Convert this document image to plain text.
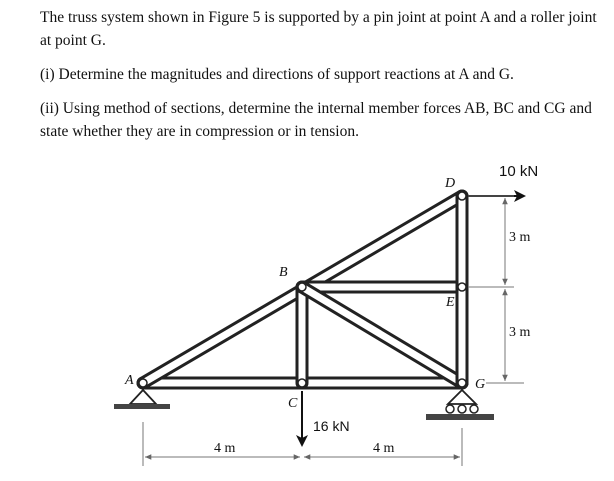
The truss system shown in Figure 5 is supported by a pin joint at point A and a roller joint at point G.
(i) Determine the magnitudes and directions of support reactions at A and G.
(ii) Using method of sections, determine the internal member forces AB, BC and CG and state whether they are in compression or in tension.
A
B
C
D
E
G
10 kN
16 kN
3 m
3 m
4 m	4 m
